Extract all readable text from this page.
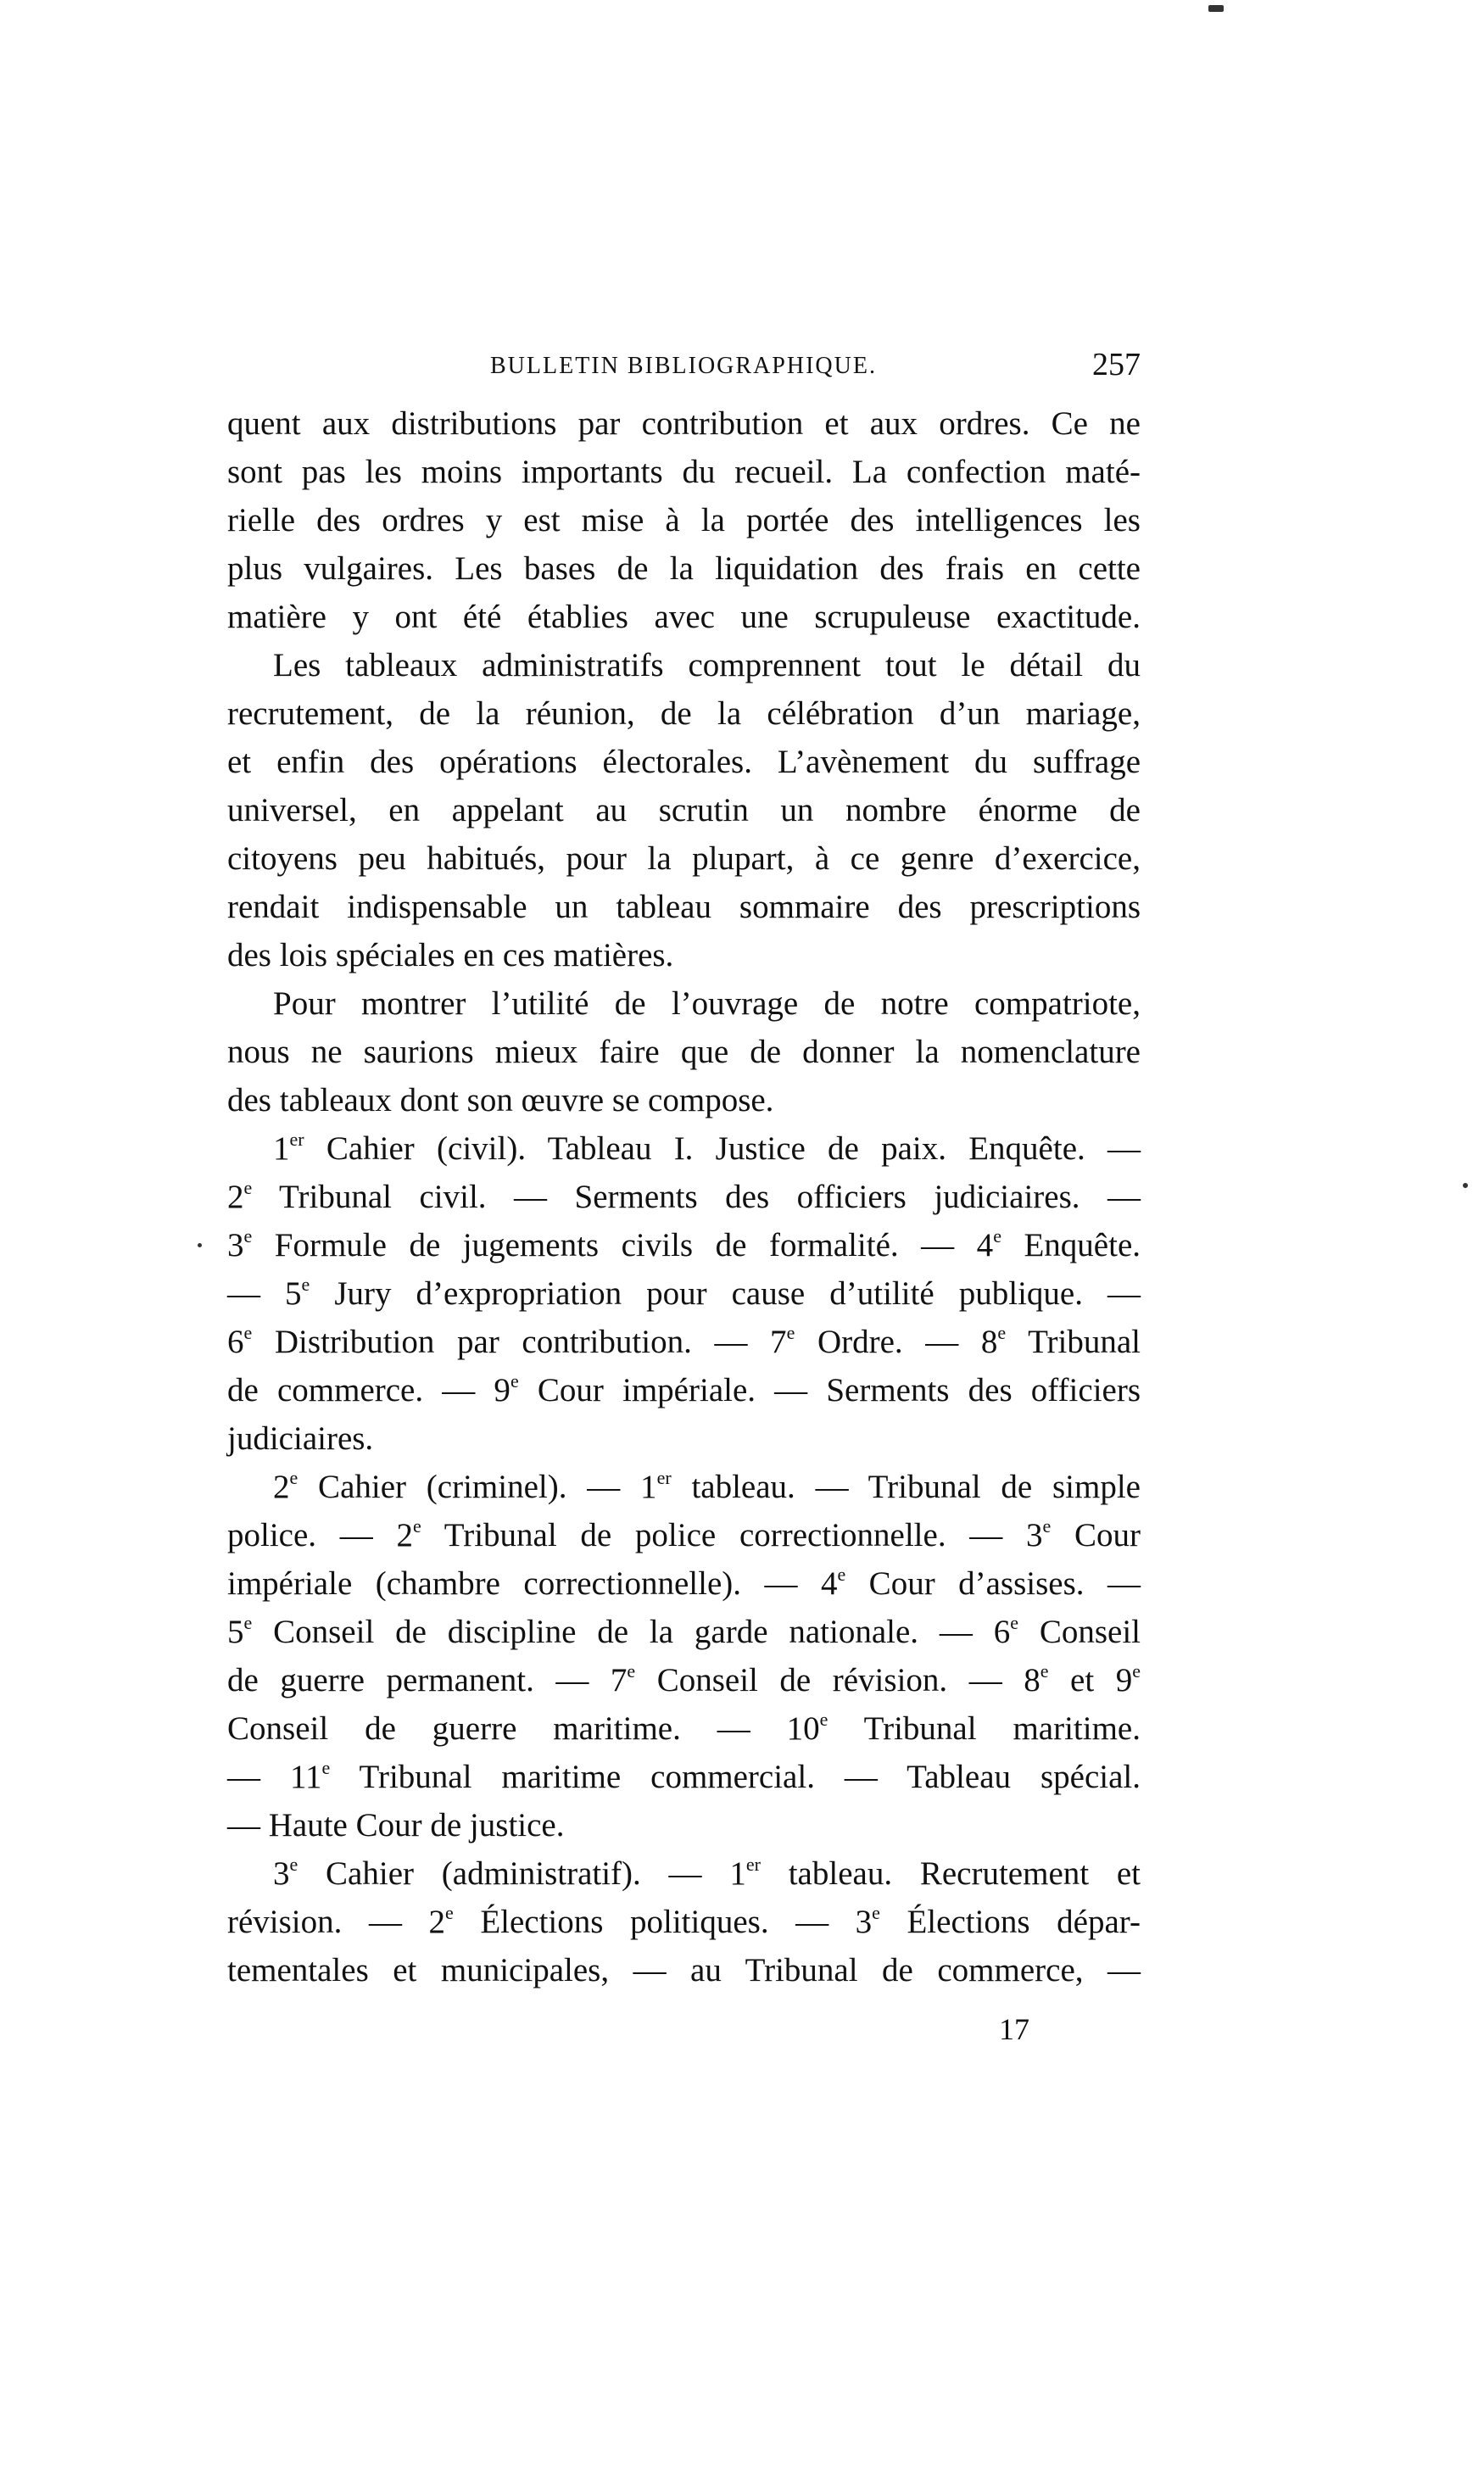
BULLETIN BIBLIOGRAPHIQUE.	257
quent aux distributions par contribution et aux ordres. Ce ne
sont pas les moins importants du recueil. La confection maté-
rielle des ordres y est mise à la portée des intelligences les
plus vulgaires. Les bases de la liquidation des frais en cette
matière y ont été établies avec une scrupuleuse exactitude.
Les tableaux administratifs comprennent tout le détail du
recrutement, de la réunion, de la célébration d’un mariage,
et enfin des opérations électorales. L’avènement du suffrage
universel, en appelant au scrutin un nombre énorme de
citoyens peu habitués, pour la plupart, à ce genre d’exercice,
rendait indispensable un tableau sommaire des prescriptions
des lois spéciales en ces matières.
Pour montrer l’utilité de l’ouvrage de notre compatriote,
nous ne saurions mieux faire que de donner la nomenclature
des tableaux dont son œuvre se compose.
1er Cahier (civil). Tableau I. Justice de paix. Enquête. —
2e Tribunal civil. — Serments des officiers judiciaires. —
3e Formule de jugements civils de formalité. — 4e Enquête.
— 5e Jury d’expropriation pour cause d’utilité publique. —
6e Distribution par contribution. — 7e Ordre. — 8e Tribunal
de commerce. — 9e Cour impériale. — Serments des officiers
judiciaires.
2e Cahier (criminel). — 1er tableau. — Tribunal de simple
police. — 2e Tribunal de police correctionnelle. — 3e Cour
impériale (chambre correctionnelle). — 4e Cour d’assises. —
5e Conseil de discipline de la garde nationale. — 6e Conseil
de guerre permanent. — 7e Conseil de révision. — 8e et 9e
Conseil de guerre maritime. — 10e Tribunal maritime.
— 11e Tribunal maritime commercial. — Tableau spécial.
— Haute Cour de justice.
3e Cahier (administratif). — 1er tableau. Recrutement et
révision. — 2e Élections politiques. — 3e Élections dépar-
tementales et municipales, — au Tribunal de commerce, —
17
